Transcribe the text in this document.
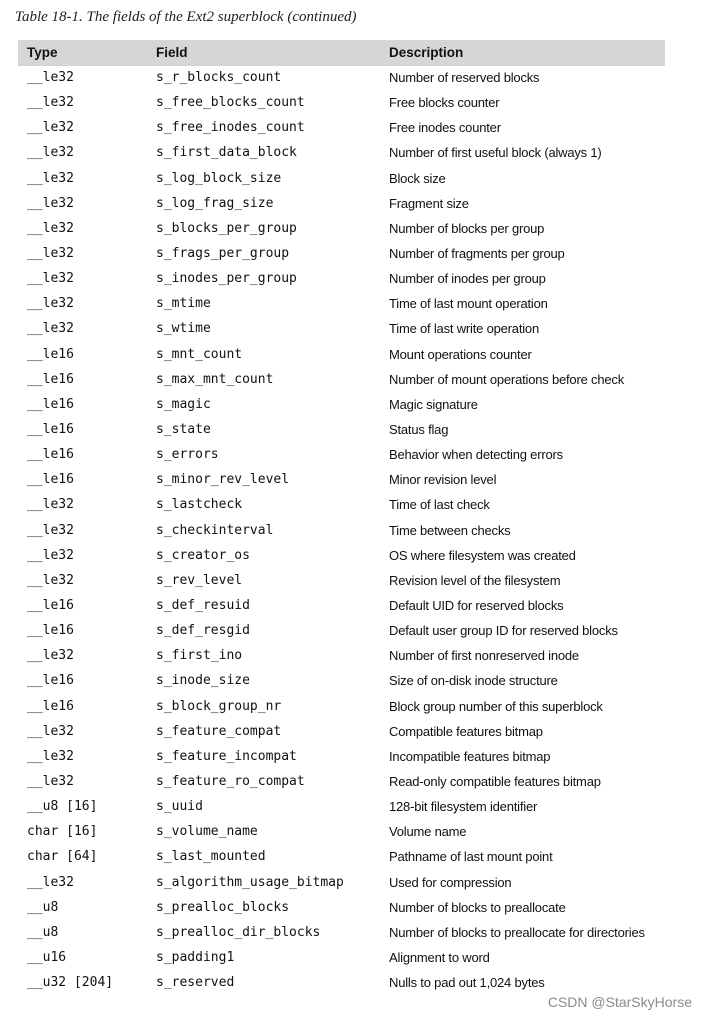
Table 18-1. The fields of the Ext2 superblock (continued)
Type	Field	Description
__le32	s_r_blocks_count	Number of reserved blocks
__le32	s_free_blocks_count	Free blocks counter
__le32	s_free_inodes_count	Free inodes counter
__le32	s_first_data_block	Number of first useful block (always 1)
__le32	s_log_block_size	Block size
__le32	s_log_frag_size	Fragment size
__le32	s_blocks_per_group	Number of blocks per group
__le32	s_frags_per_group	Number of fragments per group
__le32	s_inodes_per_group	Number of inodes per group
__le32	s_mtime	Time of last mount operation
__le32	s_wtime	Time of last write operation
__le16	s_mnt_count	Mount operations counter
__le16	s_max_mnt_count	Number of mount operations before check
__le16	s_magic	Magic signature
__le16	s_state	Status flag
__le16	s_errors	Behavior when detecting errors
__le16	s_minor_rev_level	Minor revision level
__le32	s_lastcheck	Time of last check
__le32	s_checkinterval	Time between checks
__le32	s_creator_os	OS where filesystem was created
__le32	s_rev_level	Revision level of the filesystem
__le16	s_def_resuid	Default UID for reserved blocks
__le16	s_def_resgid	Default user group ID for reserved blocks
__le32	s_first_ino	Number of first nonreserved inode
__le16	s_inode_size	Size of on-disk inode structure
__le16	s_block_group_nr	Block group number of this superblock
__le32	s_feature_compat	Compatible features bitmap
__le32	s_feature_incompat	Incompatible features bitmap
__le32	s_feature_ro_compat	Read-only compatible features bitmap
__u8 [16]	s_uuid	128-bit filesystem identifier
char [16]	s_volume_name	Volume name
char [64]	s_last_mounted	Pathname of last mount point
__le32	s_algorithm_usage_bitmap	Used for compression
__u8	s_prealloc_blocks	Number of blocks to preallocate
__u8	s_prealloc_dir_blocks	Number of blocks to preallocate for directories
__u16	s_padding1	Alignment to word
__u32 [204]	s_reserved	Nulls to pad out 1,024 bytes
CSDN @StarSkyHorse
